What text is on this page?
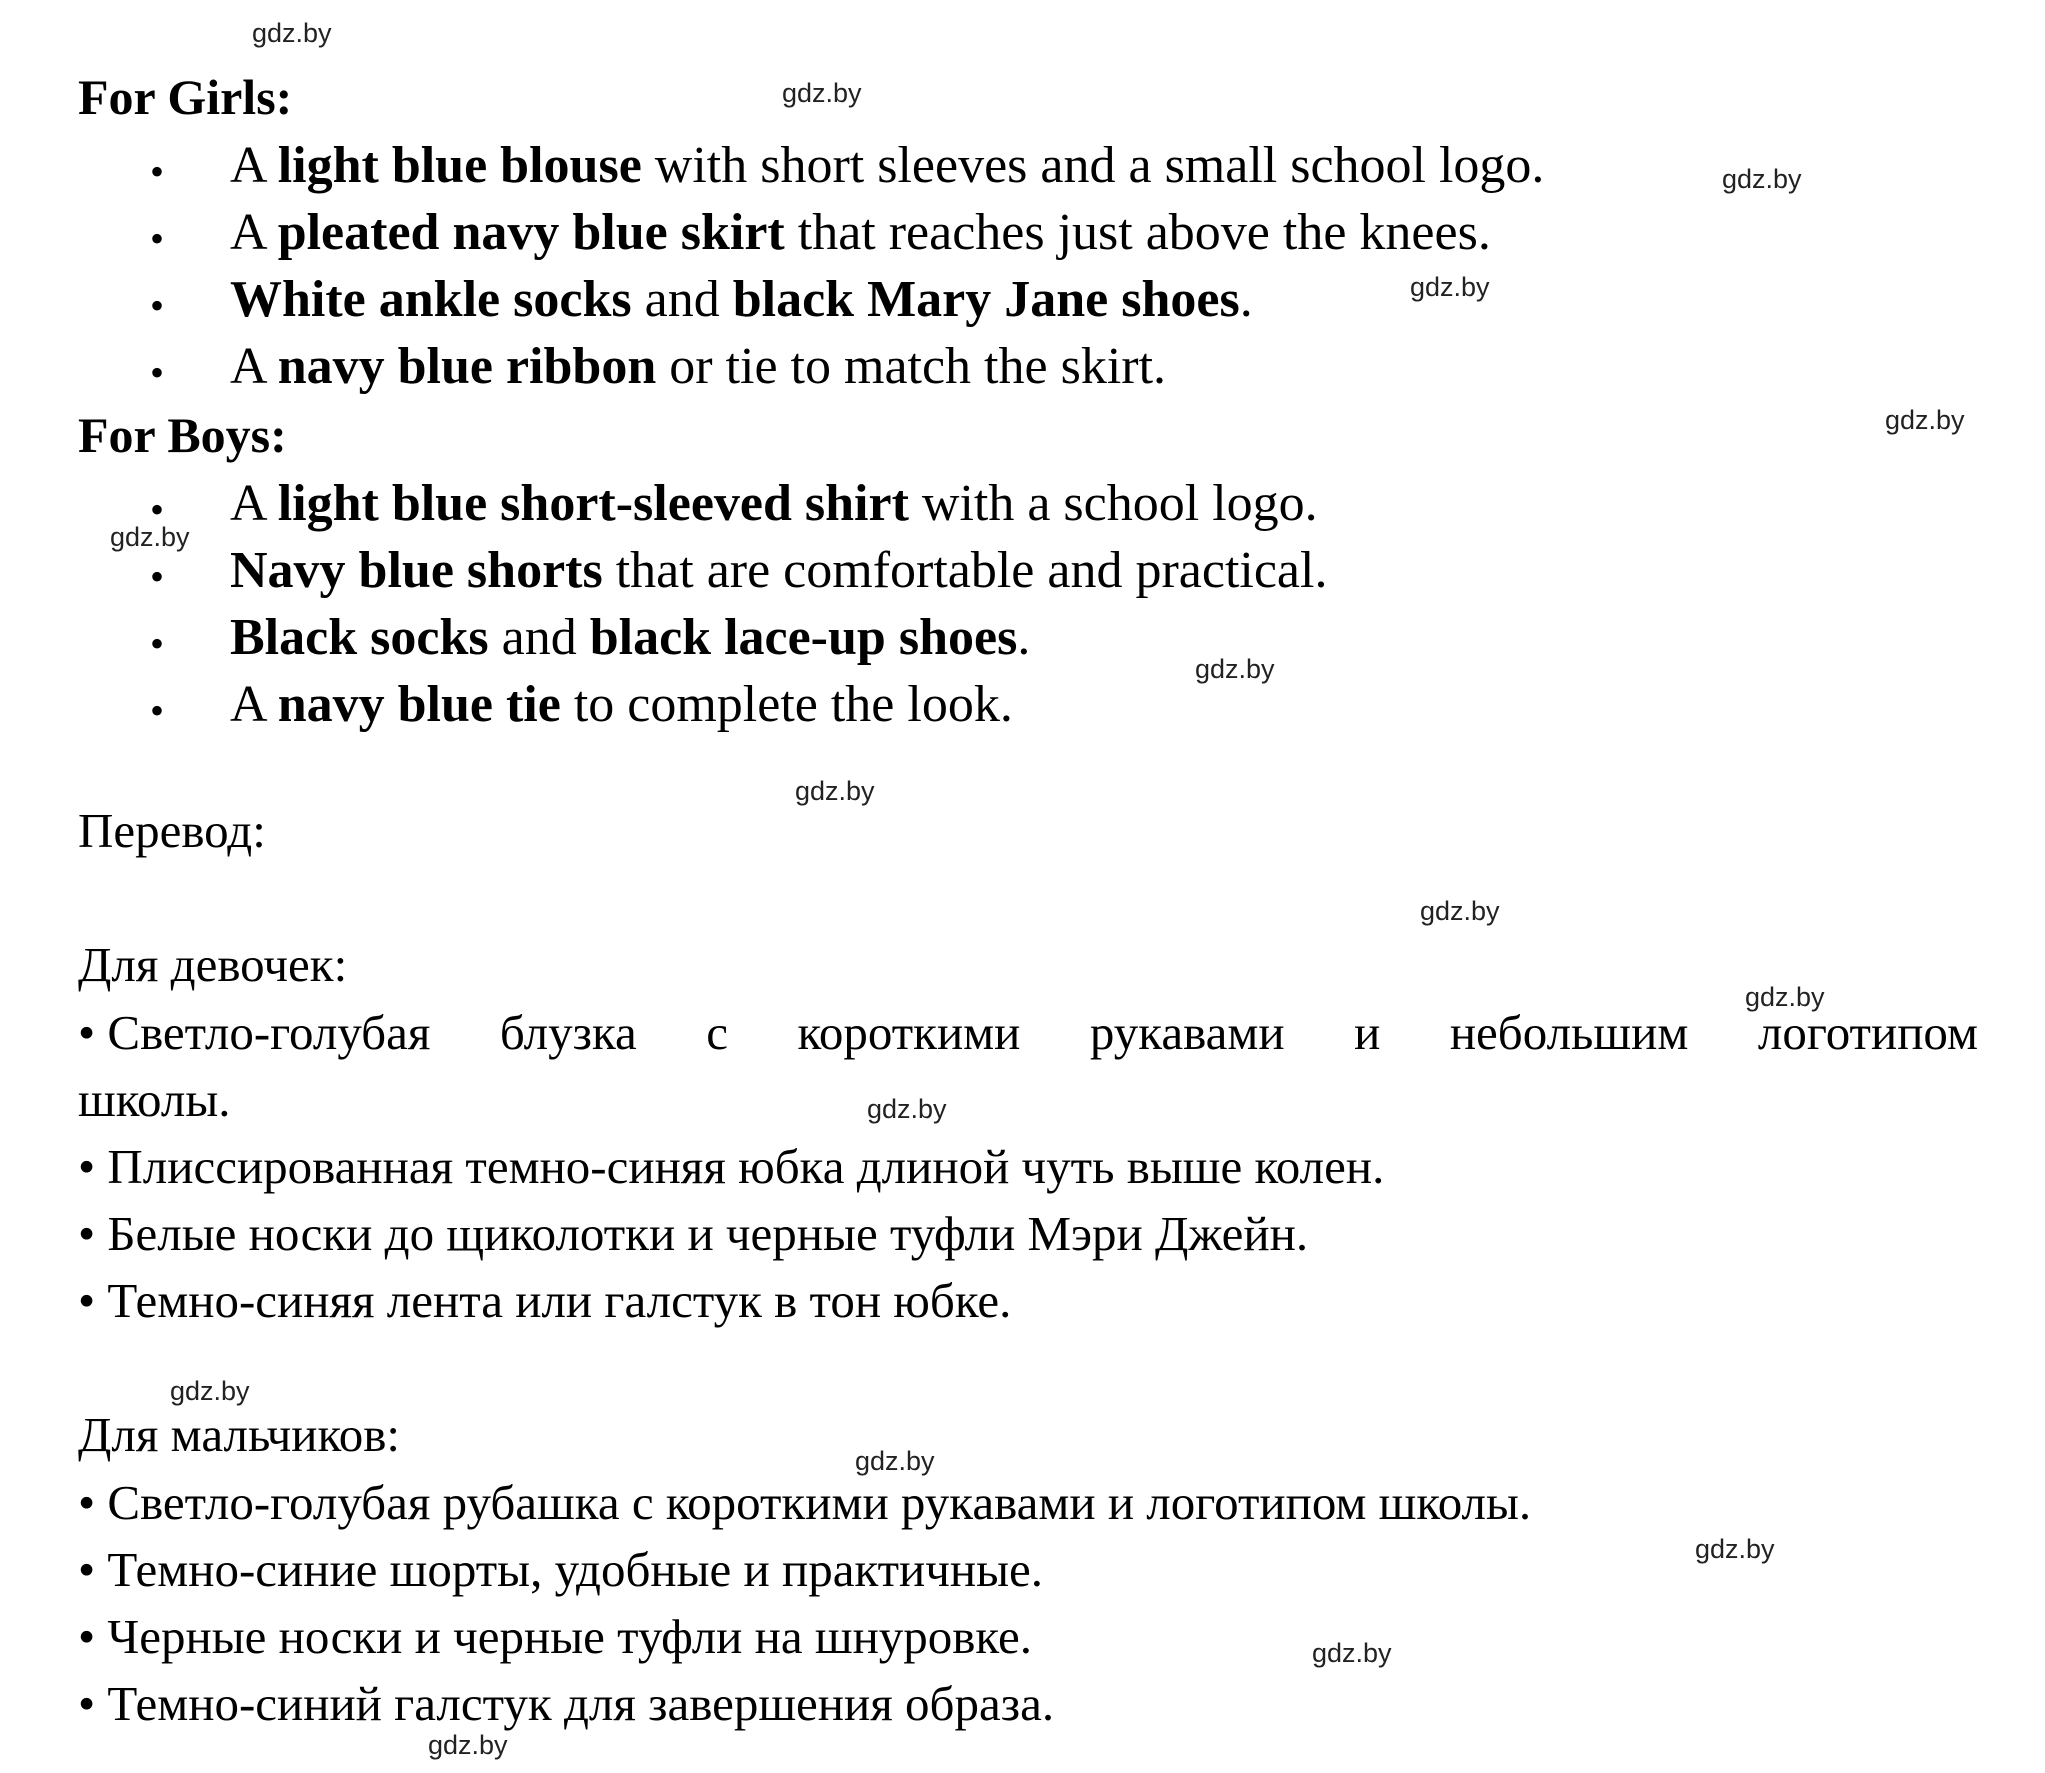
gdz.by
gdz.by
gdz.by
gdz.by
gdz.by
gdz.by
gdz.by
gdz.by
gdz.by
gdz.by
gdz.by
gdz.by
gdz.by
gdz.by
gdz.by
gdz.by
For Girls:
• A light blue blouse with short sleeves and a small school logo.
• A pleated navy blue skirt that reaches just above the knees.
• White ankle socks and black Mary Jane shoes.
• A navy blue ribbon or tie to match the skirt.
For Boys:
• A light blue short-sleeved shirt with a school logo.
• Navy blue shorts that are comfortable and practical.
• Black socks and black lace-up shoes.
• A navy blue tie to complete the look.
Перевод:
Для девочек:
• Светло-голубая блузка с короткими рукавами и небольшим логотипом
школы.
• Плиссированная темно-синяя юбка длиной чуть выше колен.
• Белые носки до щиколотки и черные туфли Мэри Джейн.
• Темно-синяя лента или галстук в тон юбке.
Для мальчиков:
• Светло-голубая рубашка с короткими рукавами и логотипом школы.
• Темно-синие шорты, удобные и практичные.
• Черные носки и черные туфли на шнуровке.
• Темно-синий галстук для завершения образа.
